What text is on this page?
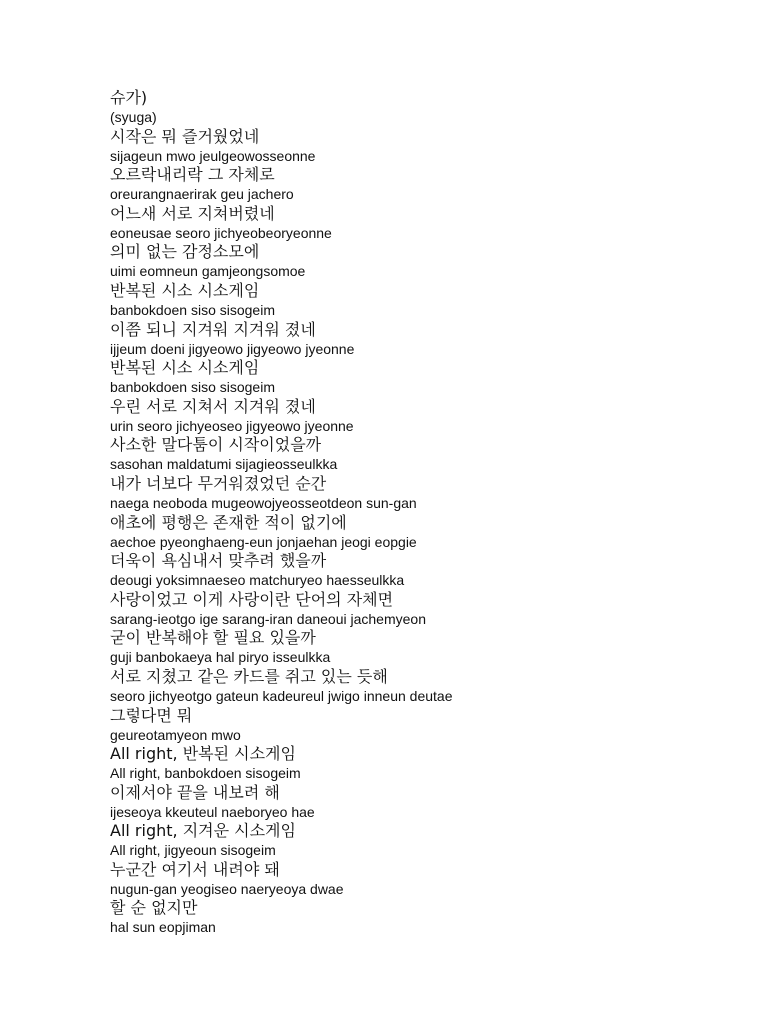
슈가)
(syuga)
시작은 뭐 즐거웠었네
sijageun mwo jeulgeowosseonne
오르락내리락 그 자체로
oreurangnaerirak geu jachero
어느새 서로 지쳐버렸네
eoneusae seoro jichyeobeoryeonne
의미 없는 감정소모에
uimi eomneun gamjeongsomoe
반복된 시소 시소게임
banbokdoen siso sisogeim
이쯤 되니 지겨워 지겨워 졌네
ijjeum doeni jigyeowo jigyeowo jyeonne
반복된 시소 시소게임
banbokdoen siso sisogeim
우린 서로 지쳐서 지겨워 졌네
urin seoro jichyeoseo jigyeowo jyeonne
사소한 말다툼이 시작이었을까
sasohan maldatumi sijagieosseulkka
내가 너보다 무거워졌었던 순간
naega neoboda mugeowojyeosseotdeon sun-gan
애초에 평행은 존재한 적이 없기에
aechoe pyeonghaeng-eun jonjaehan jeogi eopgie
더욱이 욕심내서 맞추려 했을까
deougi yoksimnaeseo matchuryeo haesseulkka
사랑이었고 이게 사랑이란 단어의 자체면
sarang-ieotgo ige sarang-iran daneoui jachemyeon
굳이 반복해야 할 필요 있을까
guji banbokaeya hal piryo isseulkka
서로 지쳤고 같은 카드를 쥐고 있는 듯해
seoro jichyeotgo gateun kadeureul jwigo inneun deutae
그렇다면 뭐
geureotamyeon mwo
All right, 반복된 시소게임
All right, banbokdoen sisogeim
이제서야 끝을 내보려 해
ijeseoya kkeuteul naeboryeo hae
All right, 지겨운 시소게임
All right, jigyeoun sisogeim
누군간 여기서 내려야 돼
nugun-gan yeogiseo naeryeoya dwae
할 순 없지만
hal sun eopjiman
